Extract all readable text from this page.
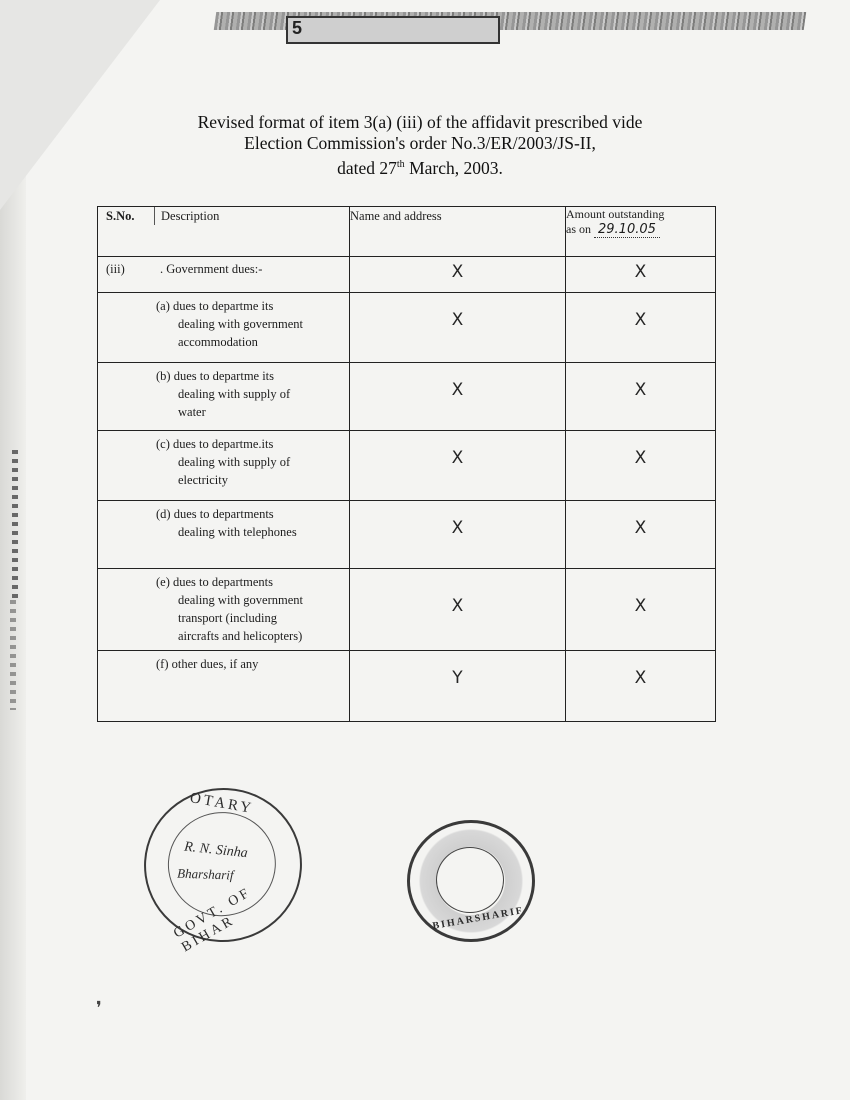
5
Revised format of item 3(a) (iii) of the affidavit prescribed vide
Election Commission's order No.3/ER/2003/JS-II,
dated 27th March, 2003.
S.No. Description	Name and address	Amount outstanding
as on 29.10.05
(iii) . Government dues:-	X	X

(a) dues to departme its
dealing with government
accommodation	X	X

(b) dues to departme its
dealing with supply of
water	X	X

(c) dues to departme.its
dealing with supply of
electricity	X	X

(d) dues to departments
dealing with telephones	X	X

(e) dues to departments
dealing with government
transport (including
aircrafts and helicopters)	X	X

(f) other dues, if any	Y	X
OTARY
R. N. Sinha
Bharsharif
GOVT. OF BIHAR	BIHARSHARIF
❜
